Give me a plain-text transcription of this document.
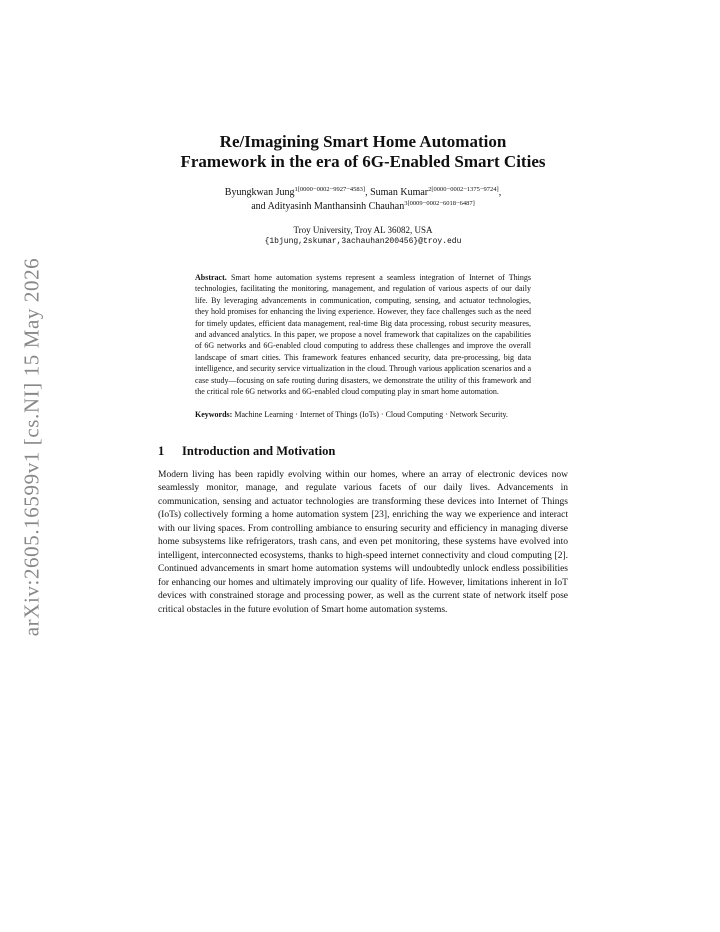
arXiv:2605.16599v1 [cs.NI] 15 May 2026
Re/Imagining Smart Home Automation
Framework in the era of 6G-Enabled Smart Cities
Byungkwan Jung$^{1[0000-0002-9927-4583]}$, Suman Kumar$^{2[0000-0002-1375-9724]}$,
and Adityasinh Manthansinh Chauhan$^{3[0009-0002-6018-6487]}$
Troy University, Troy AL 36082, USA
{1bjung,2skumar,3achauhan200456}@troy.edu
Abstract. Smart home automation systems represent a seamless integration of Internet of Things technologies, facilitating the monitoring, management, and regulation of various aspects of our daily life. By leveraging advancements in communication, computing, sensing, and actuator technologies, they hold promises for enhancing the living experience. However, they face challenges such as the need for timely updates, efficient data management, real-time Big data processing, robust security measures, and advanced analytics. In this paper, we propose a novel framework that capitalizes on the capabilities of 6G networks and 6G-enabled cloud computing to address these challenges and improve the overall landscape of smart cities. This framework features enhanced security, data pre-processing, big data intelligence, and security service virtualization in the cloud. Through various application scenarios and a case study—focusing on safe routing during disasters, we demonstrate the utility of this framework and the critical role 6G networks and 6G-enabled cloud computing play in smart home automation.
Keywords: Machine Learning · Internet of Things (IoTs) · Cloud Computing · Network Security.
1 Introduction and Motivation
Modern living has been rapidly evolving within our homes, where an array of electronic devices now seamlessly monitor, manage, and regulate various facets of our daily lives. Advancements in communication, sensing and actuator technologies are transforming these devices into Internet of Things (IoTs) collectively forming a home automation system [23], enriching the way we experience and interact with our living spaces. From controlling ambiance to ensuring security and efficiency in managing diverse home subsystems like refrigerators, trash cans, and even pet monitoring, these systems have evolved into intelligent, interconnected ecosystems, thanks to high-speed internet connectivity and cloud computing [2]. Continued advancements in smart home automation systems will undoubtedly unlock endless possibilities for enhancing our homes and ultimately improving our quality of life. However, limitations inherent in IoT devices with constrained storage and processing power, as well as the current state of network itself pose critical obstacles in the future evolution of Smart home automation systems.
